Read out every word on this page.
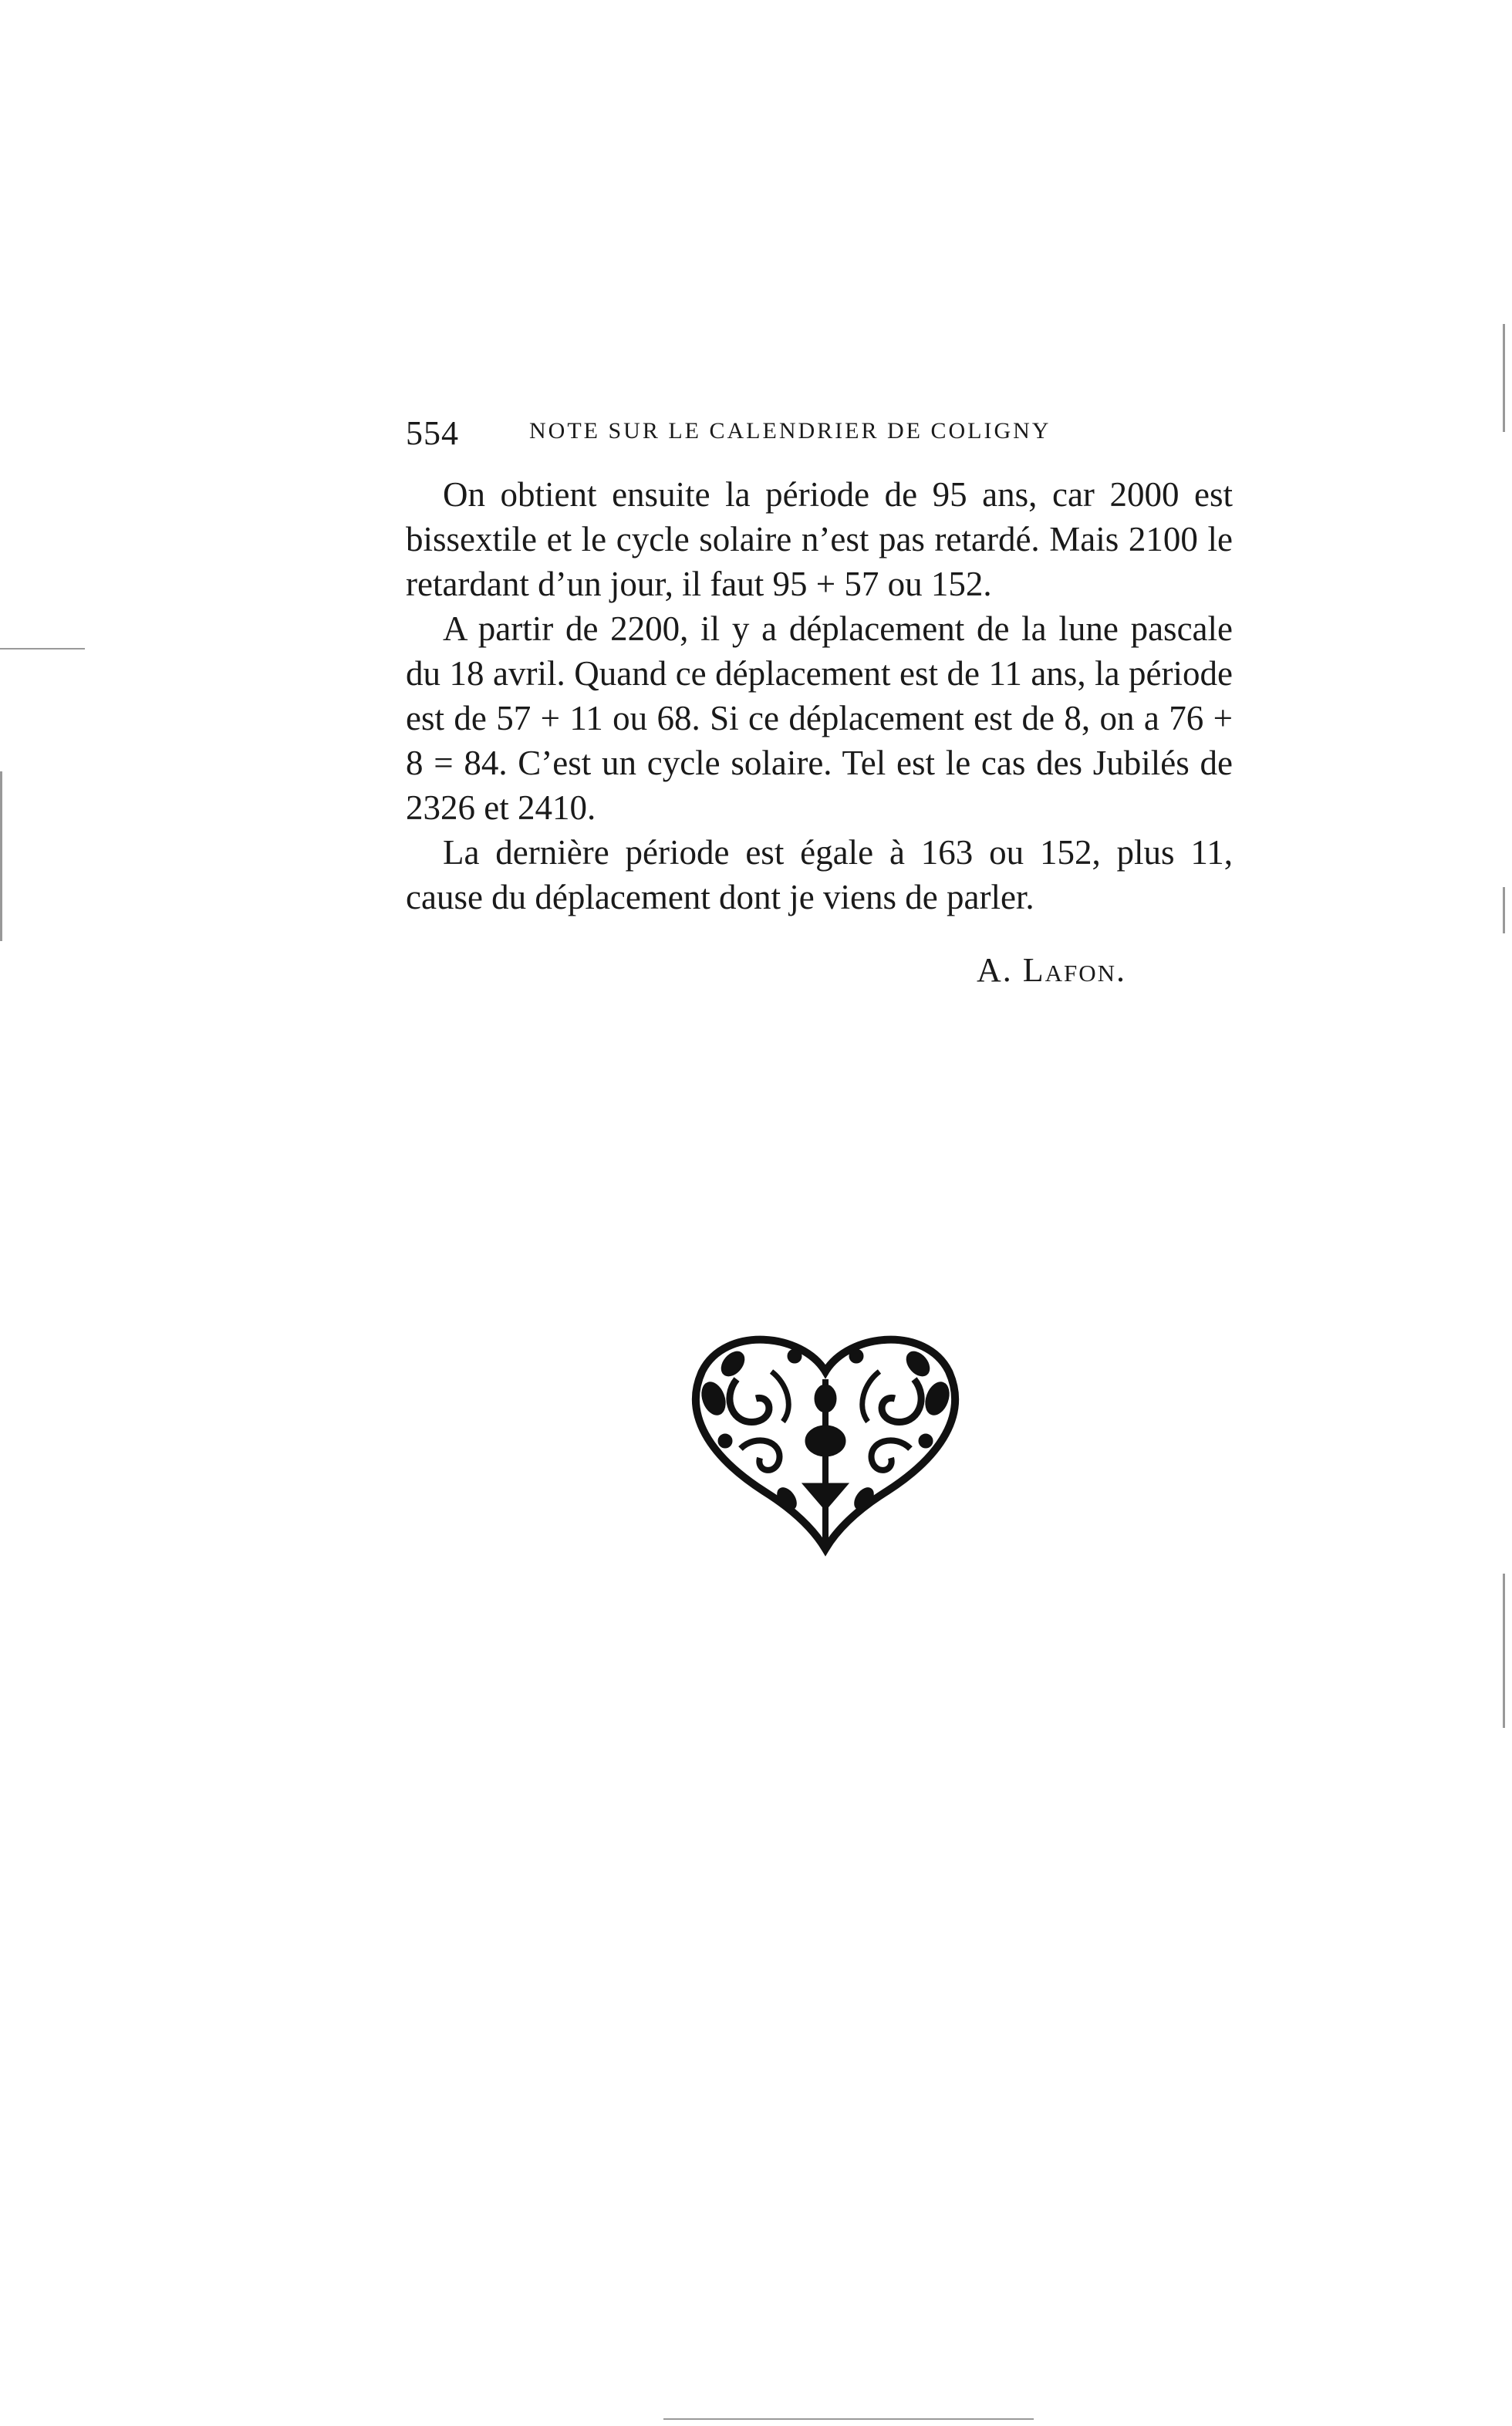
554	NOTE SUR LE CALENDRIER DE COLIGNY

On obtient ensuite la période de 95 ans, car 2000 est bissextile et le cycle solaire n’est pas retardé. Mais 2100 le retardant d’un jour, il faut 95 + 57 ou 152.

A partir de 2200, il y a déplacement de la lune pascale du 18 avril. Quand ce déplacement est de 11 ans, la période est de 57 + 11 ou 68. Si ce déplacement est de 8, on a 76 + 8 = 84. C’est un cycle solaire. Tel est le cas des Jubilés de 2326 et 2410.

La dernière période est égale à 163 ou 152, plus 11, cause du déplacement dont je viens de parler.

A. Lafon.
